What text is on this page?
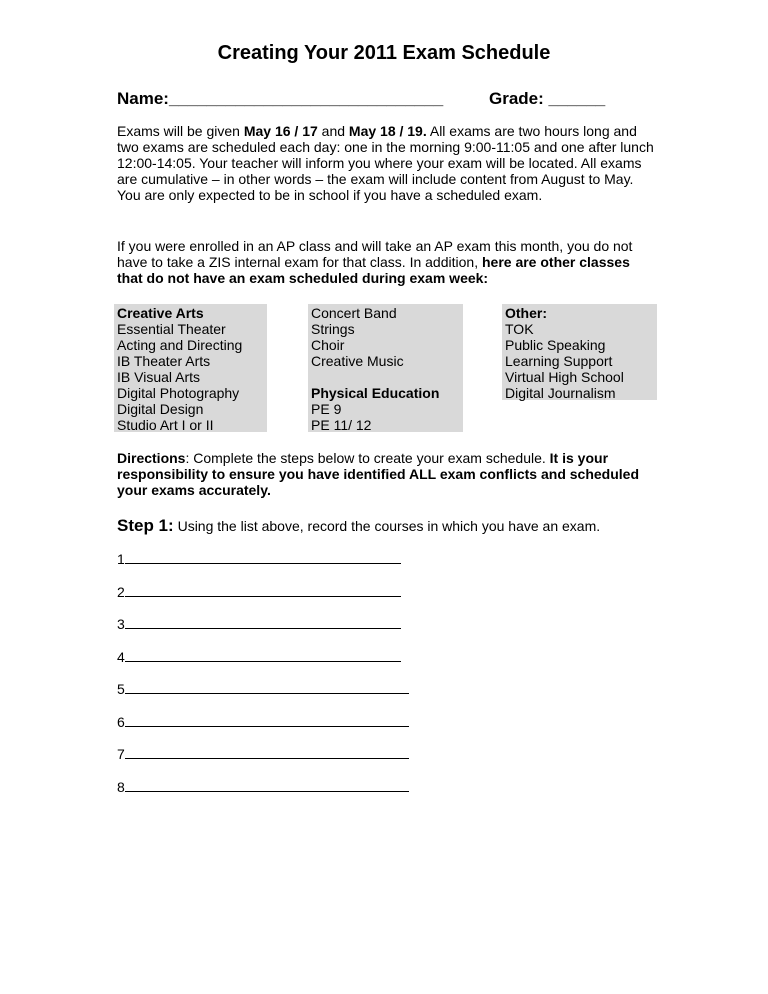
Creating Your 2011 Exam Schedule
Name:_____________________________	Grade: ______
Exams will be given May 16 / 17 and May 18 / 19. All exams are two hours long and two exams are scheduled each day: one in the morning 9:00-11:05 and one after lunch 12:00-14:05. Your teacher will inform you where your exam will be located. All exams are cumulative – in other words – the exam will include content from August to May. You are only expected to be in school if you have a scheduled exam.
If you were enrolled in an AP class and will take an AP exam this month, you do not have to take a ZIS internal exam for that class. In addition, here are other classes that do not have an exam scheduled during exam week:
Creative Arts
Essential Theater
Acting and Directing
IB Theater Arts
IB Visual Arts
Digital Photography
Digital Design
Studio Art I or II
Concert Band
Strings
Choir
Creative Music
Physical Education
PE 9
PE 11/ 12
Other:
TOK
Public Speaking
Learning Support
Virtual High School
Digital Journalism
Directions: Complete the steps below to create your exam schedule. It is your responsibility to ensure you have identified ALL exam conflicts and scheduled your exams accurately.
Step 1: Using the list above, record the courses in which you have an exam.
1
2
3
4
5
6
7
8
